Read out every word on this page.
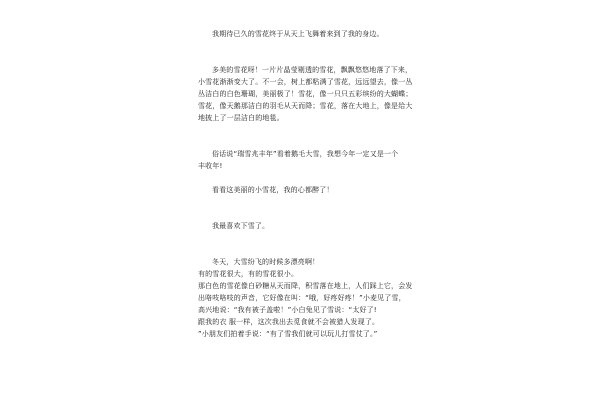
我期待已久的雪花终于从天上飞舞着来到了我的身边。

多美的雪花呀！一片片晶莹剔透的雪花，飘飘悠悠地落了下来，

小雪花渐渐变大了。不一会，树上都粘满了雪花，远远望去，像一丛

丛洁白的白色珊瑚，美丽极了！雪花，像一只只五彩缤纷的大蝴蝶；

雪花，像天鹅那洁白的羽毛从天而降；雪花，落在大地上，像是给大

地披上了一层洁白的地毯。

俗话说“瑞雪兆丰年”看着鹅毛大雪，我想今年一定又是一个

丰收年!

看看这美丽的小雪花，我的心都醉了！

我最喜欢下雪了。

冬天，大雪纷飞的时候多漂亮啊！

有的雪花很大，有的雪花很小。

那白色的雪花像白砂糖从天而降，积雪落在地上，人们踩上它，会发

出咯吱咯吱的声音，它好像在叫：“哦，好疼好疼！”小麦见了雪，

高兴地说：“我有被子盖啦！”小白兔见了雪说：“太好了!

跟我的衣 服一样，这次我出去觅食就不会被猎人发现了。

”小朋友们拍着手说：“有了雪我们就可以玩儿打雪仗了。”
